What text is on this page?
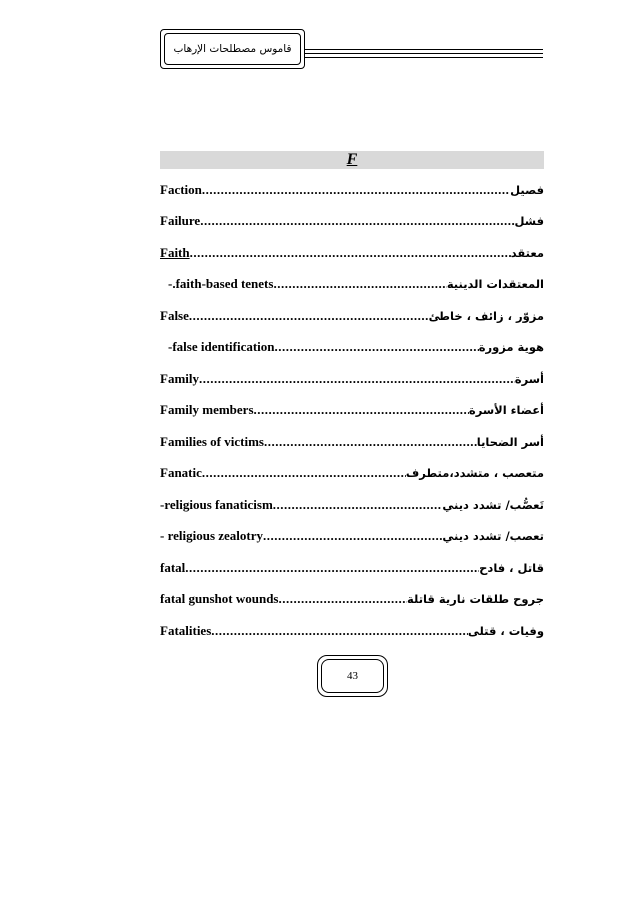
قاموس مصطلحات الإرهاب
F
Faction .....	فصيل
Failure .....	فشل
Faith .....	معتقد
-.faith-based tenets .....	المعتقدات الدينية
False .....	مزوّر ، زائف ، خاطئ
-false identification .....	هوية مزورة
Family .....	أسرة
Family members .....	أعضاء الأسرة
Families of victims .....	أسر الضحايا
Fanatic .....	متعصب ، متشدد،متطرف
-religious fanaticism .....	تَعصُّب/ تشدد ديني
- religious zealotry .....	تعصب/ تشدد ديني
fatal .....	قاتل ، فادح
fatal gunshot wounds .....	جروح طلقات نارية قاتلة
Fatalities .....	وفيات ، قتلى
43
